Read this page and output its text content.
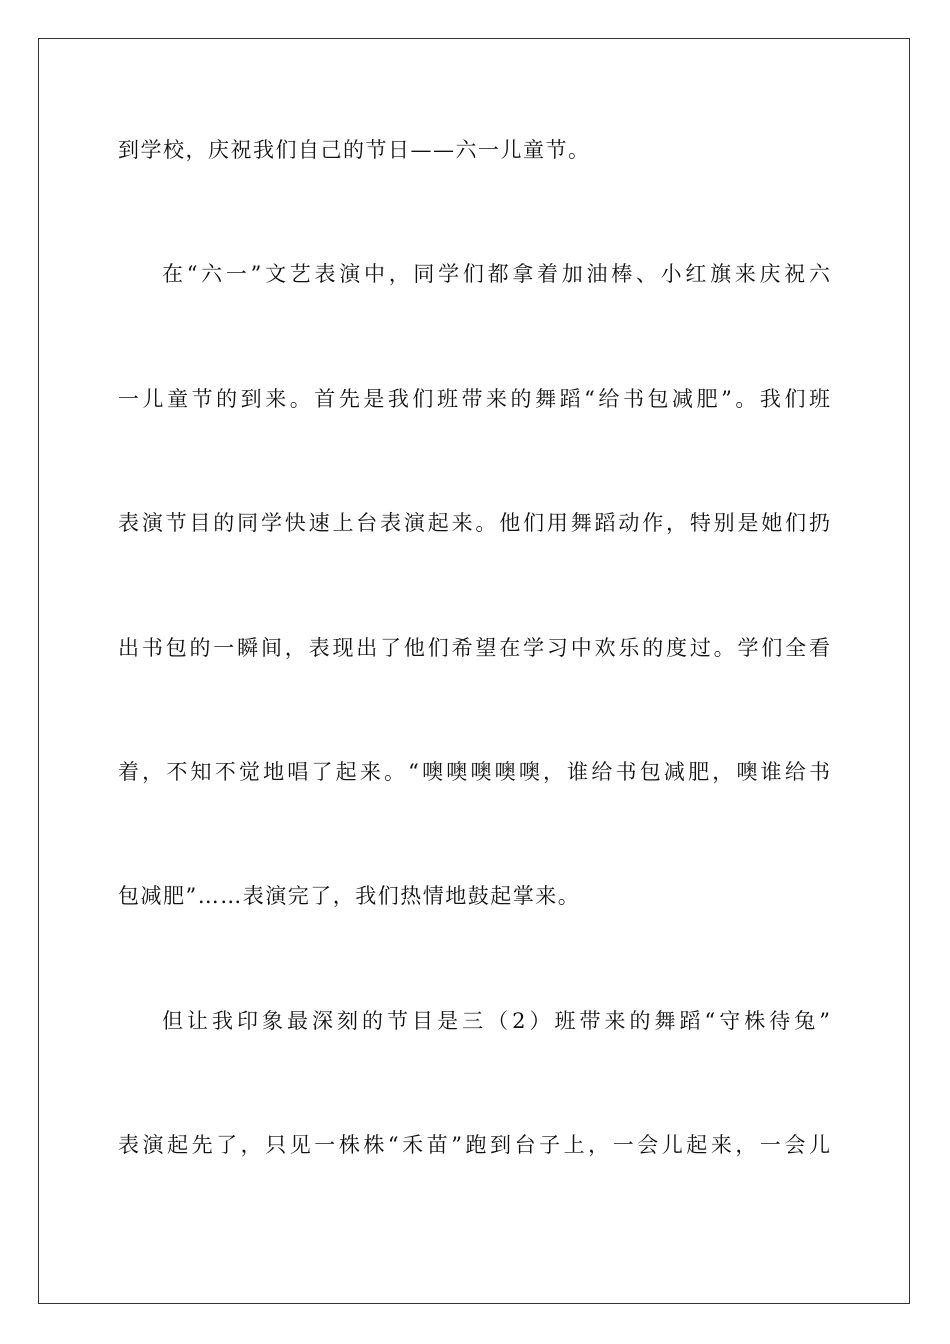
到学校，庆祝我们自己的节日——六一儿童节。
在“六一”文艺表演中，同学们都拿着加油棒、小红旗来庆祝六
一儿童节的到来。首先是我们班带来的舞蹈“给书包减肥”。我们班
表演节目的同学快速上台表演起来。他们用舞蹈动作，特别是她们扔
出书包的一瞬间，表现出了他们希望在学习中欢乐的度过。学们全看
着，不知不觉地唱了起来。“噢噢噢噢噢，谁给书包减肥，噢谁给书
包减肥”……表演完了，我们热情地鼓起掌来。
但让我印象最深刻的节目是三（2）班带来的舞蹈“守株待兔”
表演起先了，只见一株株“禾苗”跑到台子上，一会儿起来，一会儿
